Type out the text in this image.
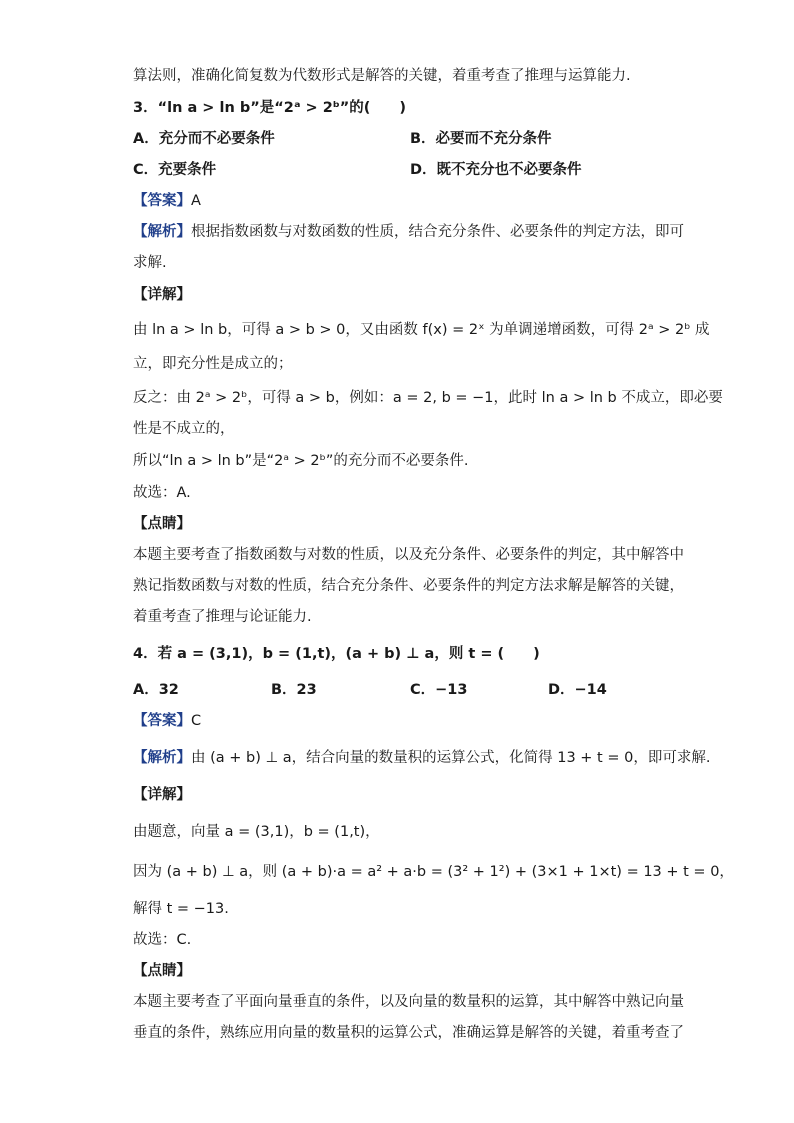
算法则，准确化简复数为代数形式是解答的关键，着重考查了推理与运算能力.
3．“ln a > ln b”是“2ᵃ > 2ᵇ”的(　　)
A．充分而不必要条件	B．必要而不充分条件
C．充要条件	D．既不充分也不必要条件
【答案】A
【解析】根据指数函数与对数函数的性质，结合充分条件、必要条件的判定方法，即可
求解.
【详解】
由 ln a > ln b，可得 a > b > 0，又由函数 f(x) = 2ˣ 为单调递增函数，可得 2ᵃ > 2ᵇ 成
立，即充分性是成立的；
反之：由 2ᵃ > 2ᵇ，可得 a > b，例如：a = 2, b = −1，此时 ln a > ln b 不成立，即必要
性是不成立的，
所以“ln a > ln b”是“2ᵃ > 2ᵇ”的充分而不必要条件.
故选：A.
【点睛】
本题主要考查了指数函数与对数的性质，以及充分条件、必要条件的判定，其中解答中
熟记指数函数与对数的性质，结合充分条件、必要条件的判定方法求解是解答的关键，
着重考查了推理与论证能力.
4．若 a = (3,1)，b = (1,t)，(a + b) ⊥ a，则 t = (　　)
A．32	B．23	C．−13	D．−14
【答案】C
【解析】由 (a + b) ⊥ a，结合向量的数量积的运算公式，化简得 13 + t = 0，即可求解.
【详解】
由题意，向量 a = (3,1)，b = (1,t)，
因为 (a + b) ⊥ a，则 (a + b)·a = a² + a·b = (3² + 1²) + (3×1 + 1×t) = 13 + t = 0，
解得 t = −13.
故选：C.
【点睛】
本题主要考查了平面向量垂直的条件，以及向量的数量积的运算，其中解答中熟记向量
垂直的条件，熟练应用向量的数量积的运算公式，准确运算是解答的关键，着重考查了
